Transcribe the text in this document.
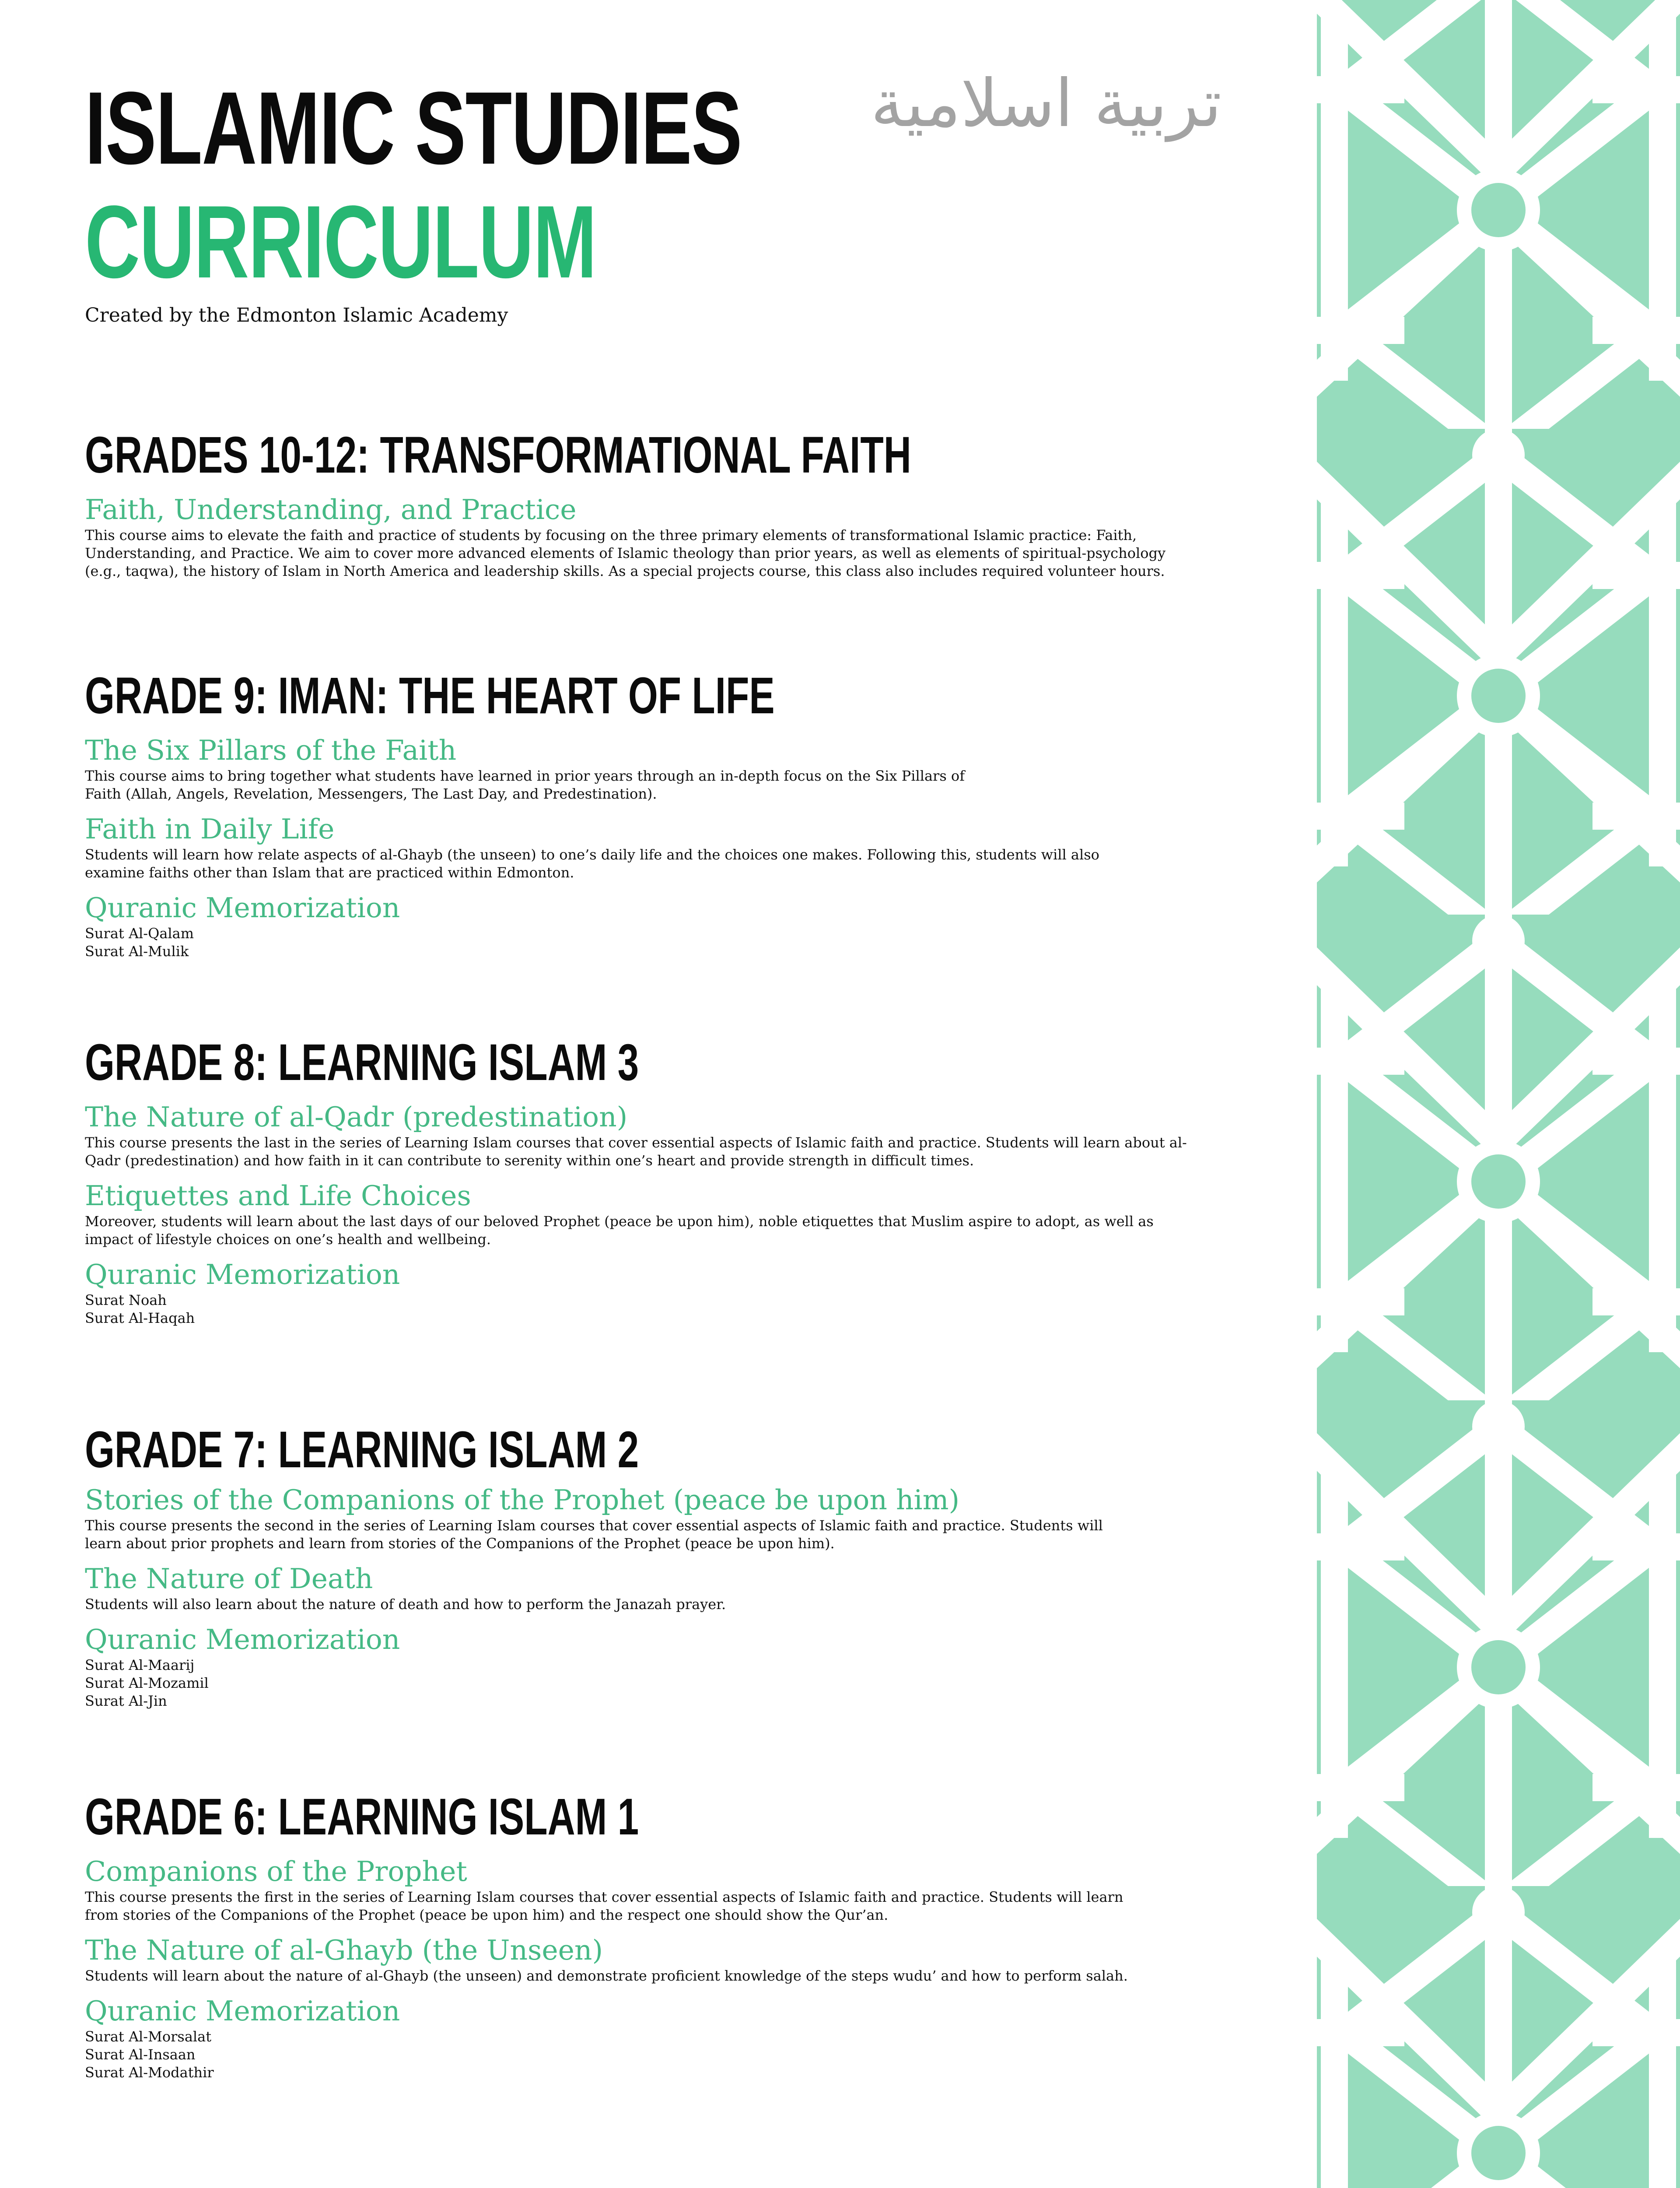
ISLAMIC STUDIES
CURRICULUM
تربية اسلامية
Created by the Edmonton Islamic Academy
GRADES 10-12: TRANSFORMATIONAL FAITH
Faith, Understanding, and Practice
This course aims to elevate the faith and practice of students by focusing on the three primary elements of transformational Islamic practice: Faith, Understanding, and Practice. We aim to cover more advanced elements of Islamic theology than prior years, as well as elements of spiritual-psychology (e.g., taqwa), the history of Islam in North America and leadership skills. As a special projects course, this class also includes required volunteer hours.
GRADE 9: IMAN: THE HEART OF LIFE
The Six Pillars of the Faith
This course aims to bring together what students have learned in prior years through an in-depth focus on the Six Pillars of Faith (Allah, Angels, Revelation, Messengers, The Last Day, and Predestination).
Faith in Daily Life
Students will learn how relate aspects of al-Ghayb (the unseen) to one’s daily life and the choices one makes. Following this, students will also examine faiths other than Islam that are practiced within Edmonton.
Quranic Memorization
Surat Al-Qalam
Surat Al-Mulik
GRADE 8: LEARNING ISLAM 3
The Nature of al-Qadr (predestination)
This course presents the last in the series of Learning Islam courses that cover essential aspects of Islamic faith and practice. Students will learn about al-Qadr (predestination) and how faith in it can contribute to serenity within one’s heart and provide strength in difficult times.
Etiquettes and Life Choices
Moreover, students will learn about the last days of our beloved Prophet (peace be upon him), noble etiquettes that Muslim aspire to adopt, as well as impact of lifestyle choices on one’s health and wellbeing.
Quranic Memorization
Surat Noah
Surat Al-Haqah
GRADE 7: LEARNING ISLAM 2
Stories of the Companions of the Prophet (peace be upon him)
This course presents the second in the series of Learning Islam courses that cover essential aspects of Islamic faith and practice. Students will learn about prior prophets and learn from stories of the Companions of the Prophet (peace be upon him).
The Nature of Death
Students will also learn about the nature of death and how to perform the Janazah prayer.
Quranic Memorization
Surat Al-Maarij
Surat Al-Mozamil
Surat Al-Jin
GRADE 6: LEARNING ISLAM 1
Companions of the Prophet
This course presents the first in the series of Learning Islam courses that cover essential aspects of Islamic faith and practice. Students will learn from stories of the Companions of the Prophet (peace be upon him) and the respect one should show the Qur’an.
The Nature of al-Ghayb (the Unseen)
Students will learn about the nature of al-Ghayb (the unseen) and demonstrate proficient knowledge of the steps wudu’ and how to perform salah.
Quranic Memorization
Surat Al-Morsalat
Surat Al-Insaan
Surat Al-Modathir
